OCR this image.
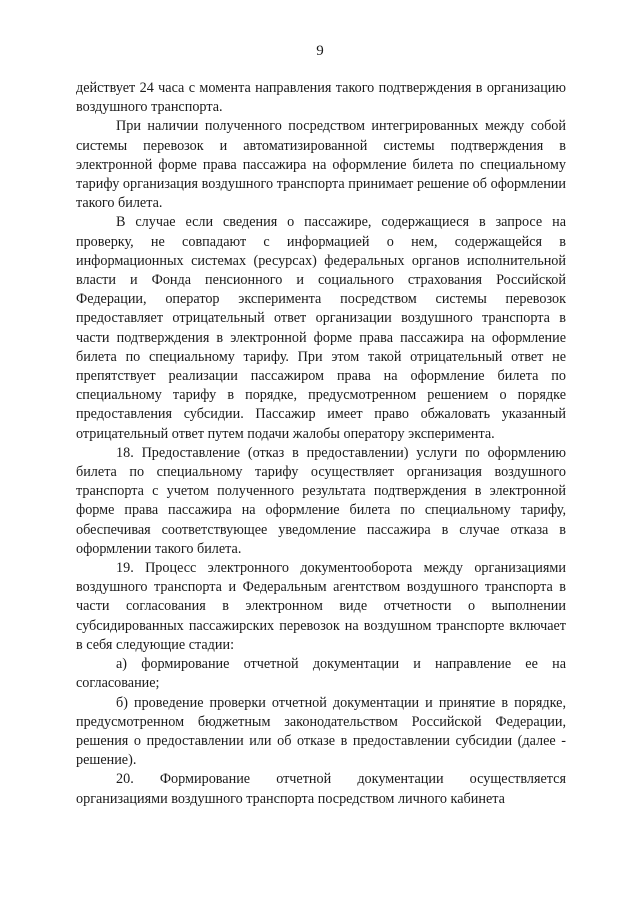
9

действует 24 часа с момента направления такого подтверждения в организацию воздушного транспорта.

При наличии полученного посредством интегрированных между собой системы перевозок и автоматизированной системы подтверждения в электронной форме права пассажира на оформление билета по специальному тарифу организация воздушного транспорта принимает решение об оформлении такого билета.

В случае если сведения о пассажире, содержащиеся в запросе на проверку, не совпадают с информацией о нем, содержащейся в информационных системах (ресурсах) федеральных органов исполнительной власти и Фонда пенсионного и социального страхования Российской Федерации, оператор эксперимента посредством системы перевозок предоставляет отрицательный ответ организации воздушного транспорта в части подтверждения в электронной форме права пассажира на оформление билета по специальному тарифу. При этом такой отрицательный ответ не препятствует реализации пассажиром права на оформление билета по специальному тарифу в порядке, предусмотренном решением о порядке предоставления субсидии. Пассажир имеет право обжаловать указанный отрицательный ответ путем подачи жалобы оператору эксперимента.

18. Предоставление (отказ в предоставлении) услуги по оформлению билета по специальному тарифу осуществляет организация воздушного транспорта с учетом полученного результата подтверждения в электронной форме права пассажира на оформление билета по специальному тарифу, обеспечивая соответствующее уведомление пассажира в случае отказа в оформлении такого билета.

19. Процесс электронного документооборота между организациями воздушного транспорта и Федеральным агентством воздушного транспорта в части согласования в электронном виде отчетности о выполнении субсидированных пассажирских перевозок на воздушном транспорте включает в себя следующие стадии:

а) формирование отчетной документации и направление ее на согласование;

б) проведение проверки отчетной документации и принятие в порядке, предусмотренном бюджетным законодательством Российской Федерации, решения о предоставлении или об отказе в предоставлении субсидии (далее - решение).

20. Формирование отчетной документации осуществляется организациями воздушного транспорта посредством личного кабинета
